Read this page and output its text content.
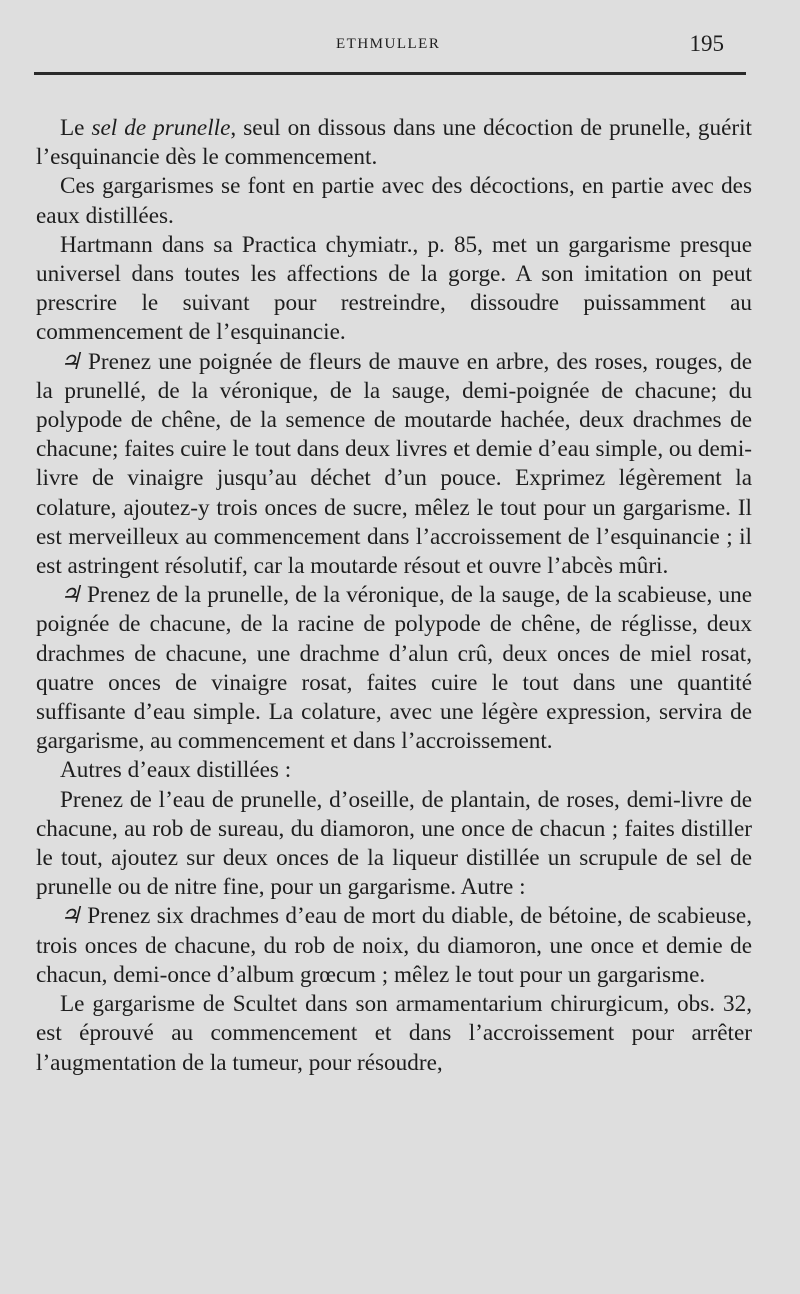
ETHMULLER	195

Le sel de prunelle, seul on dissous dans une décoction de prunelle, guérit l’esquinancie dès le commencement.

Ces gargarismes se font en partie avec des décoctions, en partie avec des eaux distillées.

Hartmann dans sa Practica chymiatr., p. 85, met un gargarisme presque universel dans toutes les affections de la gorge. A son imitation on peut prescrire le suivant pour restreindre, dissoudre puissamment au commencement de l’esquinancie.

♃ Prenez une poignée de fleurs de mauve en arbre, des roses, rouges, de la prunellé, de la véronique, de la sauge, demi-poignée de chacune; du polypode de chêne, de la semence de moutarde hachée, deux drachmes de chacune; faites cuire le tout dans deux livres et demie d’eau simple, ou demi-livre de vinaigre jusqu’au déchet d’un pouce. Exprimez légèrement la colature, ajoutez-y trois onces de sucre, mêlez le tout pour un gargarisme. Il est merveilleux au commencement dans l’accroissement de l’esquinancie ; il est astringent résolutif, car la moutarde résout et ouvre l’abcès mûri.

♃ Prenez de la prunelle, de la véronique, de la sauge, de la scabieuse, une poignée de chacune, de la racine de polypode de chêne, de réglisse, deux drachmes de chacune, une drachme d’alun crû, deux onces de miel rosat, quatre onces de vinaigre rosat, faites cuire le tout dans une quantité suffisante d’eau simple. La colature, avec une légère expression, servira de gargarisme, au commencement et dans l’accroissement.

Autres d’eaux distillées :

Prenez de l’eau de prunelle, d’oseille, de plantain, de roses, demi-livre de chacune, au rob de sureau, du diamoron, une once de chacun ; faites distiller le tout, ajoutez sur deux onces de la liqueur distillée un scrupule de sel de prunelle ou de nitre fine, pour un gargarisme. Autre :

♃ Prenez six drachmes d’eau de mort du diable, de bétoine, de scabieuse, trois onces de chacune, du rob de noix, du diamoron, une once et demie de chacun, demi-once d’album grœcum ; mêlez le tout pour un gargarisme.

Le gargarisme de Scultet dans son armamentarium chirurgicum, obs. 32, est éprouvé au commencement et dans l’accroissement pour arrêter l’augmentation de la tumeur, pour résoudre,
